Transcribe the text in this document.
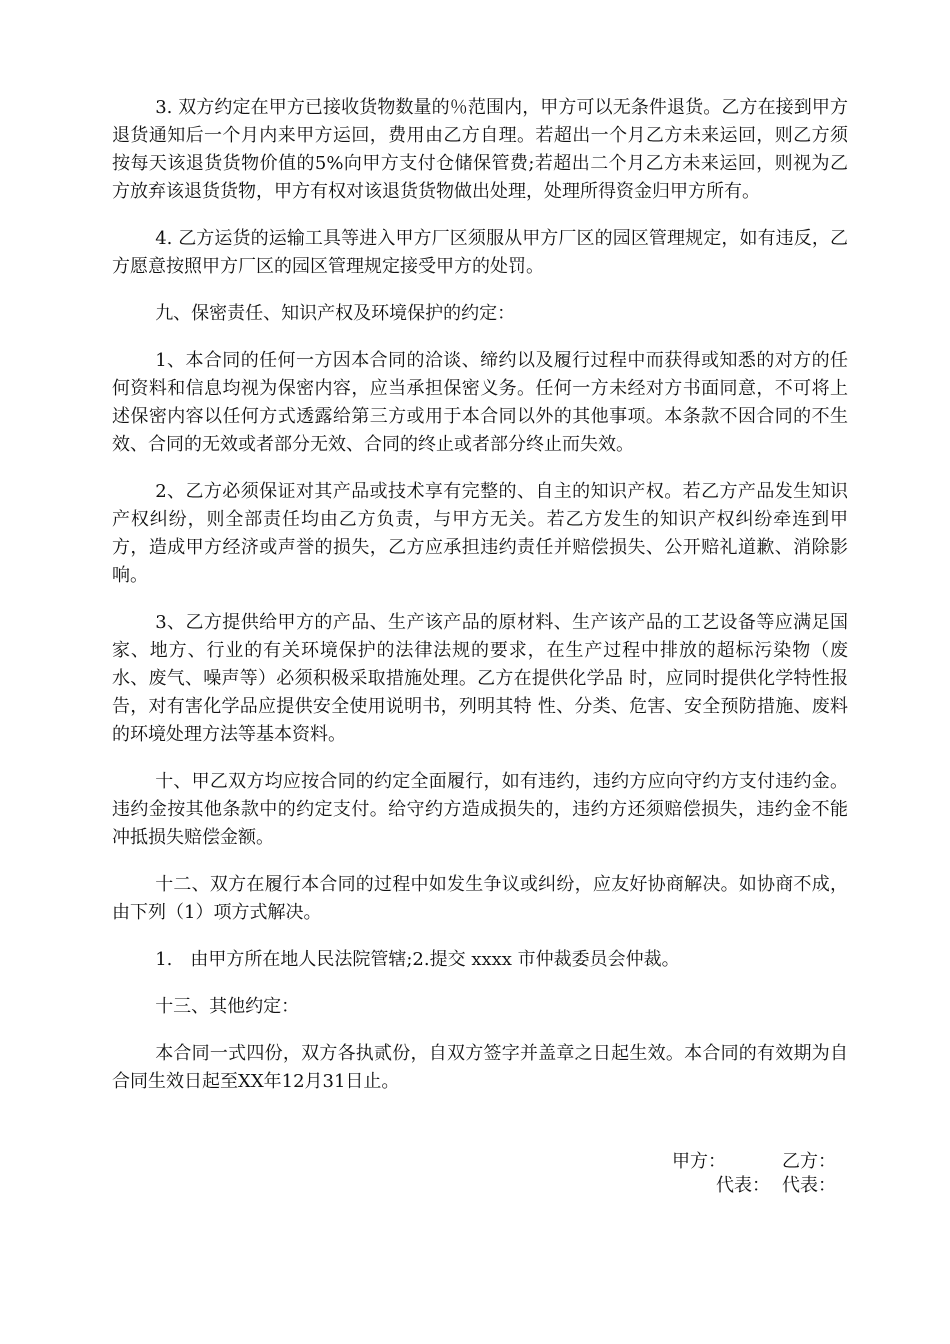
3. 双方约定在甲方已接收货物数量的％范围内，甲方可以无条件退货。乙方在接到甲方退货通知后一个月内来甲方运回，费用由乙方自理。若超出一个月乙方未来运回，则乙方须按每天该退货货物价值的5%向甲方支付仓储保管费;若超出二个月乙方未来运回，则视为乙方放弃该退货货物，甲方有权对该退货货物做出处理，处理所得资金归甲方所有。

4. 乙方运货的运输工具等进入甲方厂区须服从甲方厂区的园区管理规定，如有违反，乙方愿意按照甲方厂区的园区管理规定接受甲方的处罚。

九、保密责任、知识产权及环境保护的约定：

1、本合同的任何一方因本合同的洽谈、缔约以及履行过程中而获得或知悉的对方的任何资料和信息均视为保密内容，应当承担保密义务。任何一方未经对方书面同意，不可将上述保密内容以任何方式透露给第三方或用于本合同以外的其他事项。本条款不因合同的不生效、合同的无效或者部分无效、合同的终止或者部分终止而失效。

2、乙方必须保证对其产品或技术享有完整的、自主的知识产权。若乙方产品发生知识产权纠纷，则全部责任均由乙方负责，与甲方无关。若乙方发生的知识产权纠纷牵连到甲方，造成甲方经济或声誉的损失，乙方应承担违约责任并赔偿损失、公开赔礼道歉、消除影响。

3、乙方提供给甲方的产品、生产该产品的原材料、生产该产品的工艺设备等应满足国家、地方、行业的有关环境保护的法律法规的要求，在生产过程中排放的超标污染物（废水、废气、噪声等）必须积极采取措施处理。乙方在提供化学品 时，应同时提供化学特性报告，对有害化学品应提供安全使用说明书，列明其特 性、分类、危害、安全预防措施、废料的环境处理方法等基本资料。

十、甲乙双方均应按合同的约定全面履行，如有违约，违约方应向守约方支付违约金。违约金按其他条款中的约定支付。给守约方造成损失的，违约方还须赔偿损失，违约金不能冲抵损失赔偿金额。

十二、双方在履行本合同的过程中如发生争议或纠纷，应友好协商解决。如协商不成，由下列（1）项方式解决。

1.　由甲方所在地人民法院管辖;2.提交 xxxx 市仲裁委员会仲裁。

十三、其他约定：

本合同一式四份，双方各执贰份，自双方签字并盖章之日起生效。本合同的有效期为自合同生效日起至XX年12月31日止。

甲方：	乙方：
代表： 代表：
